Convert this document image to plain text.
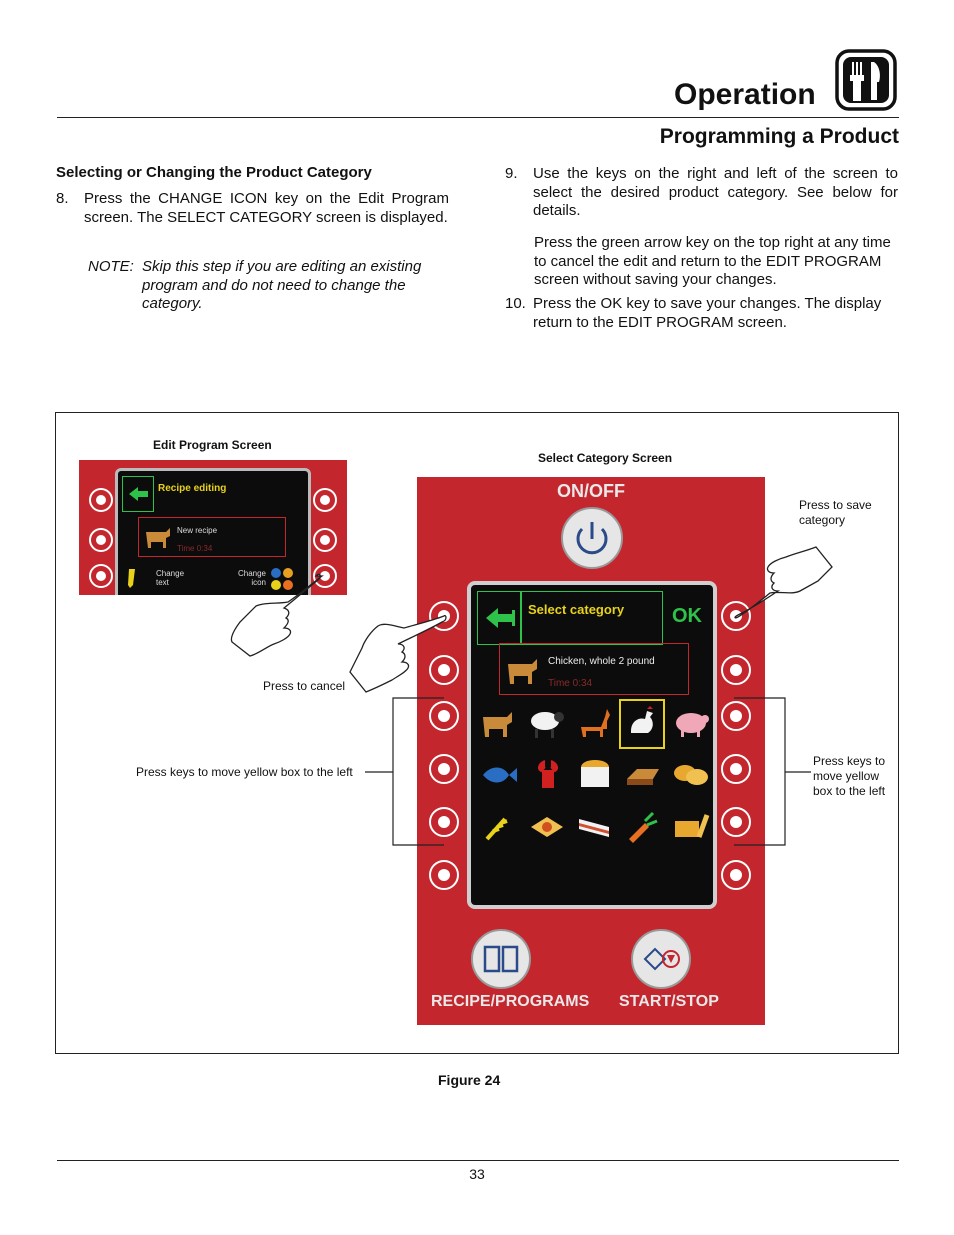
Operation
Programming a Product
Selecting or Changing the Product Category
8. Press the CHANGE ICON key on the Edit Program screen. The SELECT CATEGORY screen is displayed.
NOTE: Skip this step if you are editing an existing program and do not need to change the category.
9. Use the keys on the right and left of the screen to select the desired product category. See below for details.
Press the green arrow key on the top right at any time to cancel the edit and return to the EDIT PROGRAM screen without saving your changes.
10. Press the OK key to save your changes. The display return to the EDIT PROGRAM screen.
Edit Program Screen
Select Category Screen
Recipe editing
New recipe
Time 0:34
Change text
Change icon
ON/OFF
Select category OK
Chicken, whole 2 pound
Time 0:34
RECIPE/PROGRAMS START/STOP
Press to save category
Press to cancel
Press keys to move yellow box to the left
Press keys to move yellow box to the left
Figure 24
33
